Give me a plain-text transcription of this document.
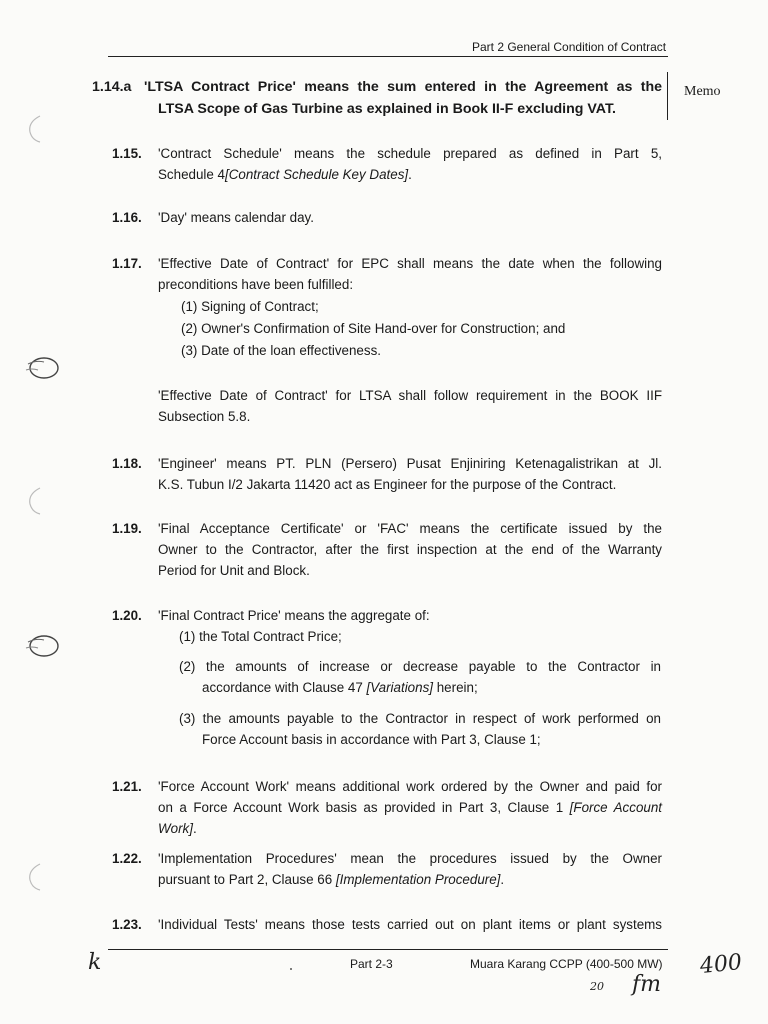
Part 2 General Condition of Contract
Memo
1.14.a 'LTSA Contract Price' means the sum entered in the Agreement as the
LTSA Scope of Gas Turbine as explained in Book II-F excluding VAT.
1.15. 'Contract Schedule' means the schedule prepared as defined in Part 5,
Schedule 4[Contract Schedule Key Dates].
1.16. 'Day' means calendar day.
1.17. 'Effective Date of Contract' for EPC shall means the date when the following
preconditions have been fulfilled:
(1) Signing of Contract;
(2) Owner's Confirmation of Site Hand-over for Construction; and
(3) Date of the loan effectiveness.
'Effective Date of Contract' for LTSA shall follow requirement in the BOOK IIF
Subsection 5.8.
1.18. 'Engineer' means PT. PLN (Persero) Pusat Enjiniring Ketenagalistrikan at Jl.
K.S. Tubun I/2 Jakarta 11420 act as Engineer for the purpose of the Contract.
1.19. 'Final Acceptance Certificate' or 'FAC' means the certificate issued by the
Owner to the Contractor, after the first inspection at the end of the Warranty
Period for Unit and Block.
1.20. 'Final Contract Price' means the aggregate of:
(1) the Total Contract Price;
(2) the amounts of increase or decrease payable to the Contractor in
accordance with Clause 47 [Variations] herein;
(3) the amounts payable to the Contractor in respect of work performed on
Force Account basis in accordance with Part 3, Clause 1;
1.21. 'Force Account Work' means additional work ordered by the Owner and paid for
on a Force Account Work basis as provided in Part 3, Clause 1 [Force Account
Work].
1.22. 'Implementation Procedures' mean the procedures issued by the Owner
pursuant to Part 2, Clause 66 [Implementation Procedure].
1.23. 'Individual Tests' means those tests carried out on plant items or plant systems
Part 2-3	Muara Karang CCPP (400-500 MW)
k	400
20 fm
